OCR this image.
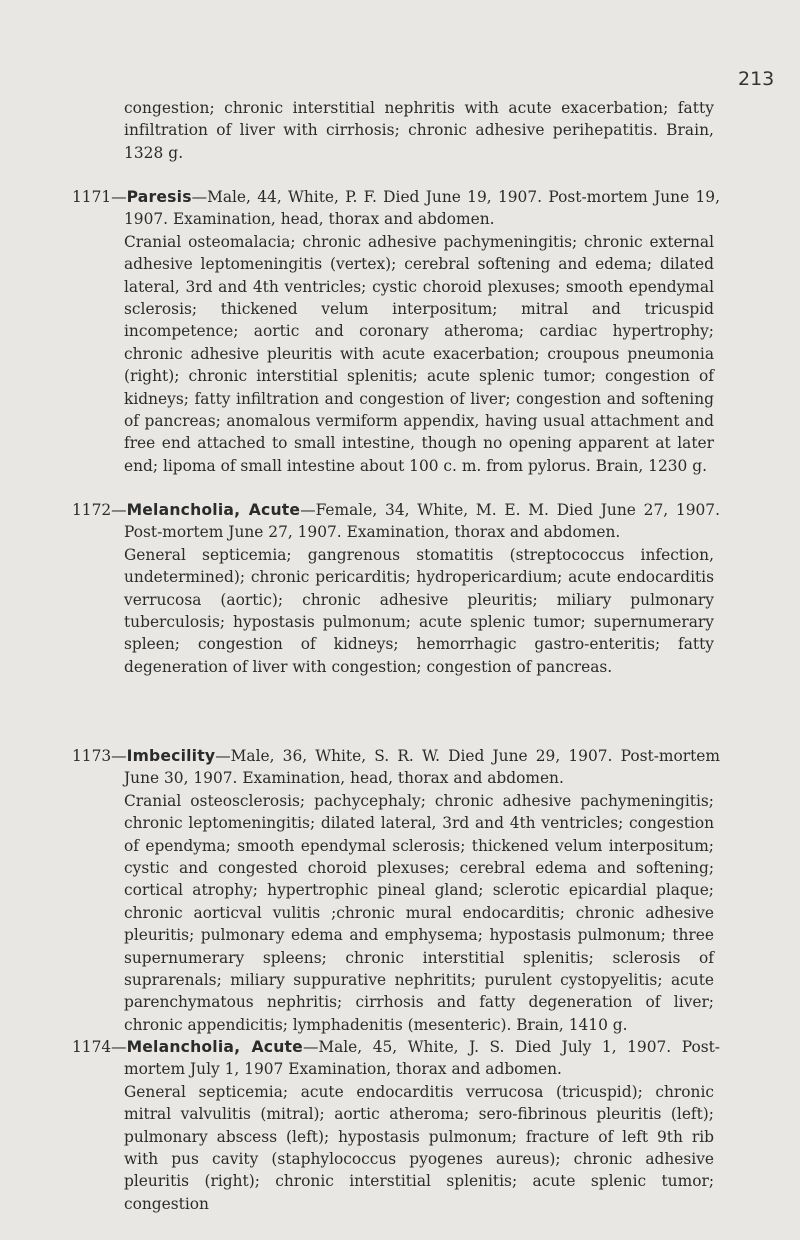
213

congestion; chronic interstitial nephritis with acute exacerbation; fatty infiltration of liver with cirrhosis; chronic adhesive perihepatitis. Brain, 1328 g.

1171—Paresis—Male, 44, White, P. F. Died June 19, 1907. Post-mortem June 19, 1907. Examination, head, thorax and abdomen.

Cranial osteomalacia; chronic adhesive pachymeningitis; chronic external adhesive leptomeningitis (vertex); cerebral softening and edema; dilated lateral, 3rd and 4th ventricles; cystic choroid plexuses; smooth ependymal sclerosis; thickened velum interpositum; mitral and tricuspid incompetence; aortic and coronary atheroma; cardiac hypertrophy; chronic adhesive pleuritis with acute exacerbation; croupous pneumonia (right); chronic interstitial splenitis; acute splenic tumor; congestion of kidneys; fatty infiltration and congestion of liver; congestion and softening of pancreas; anomalous vermiform appendix, having usual attachment and free end attached to small intestine, though no opening apparent at later end; lipoma of small intestine about 100 c. m. from pylorus. Brain, 1230 g.

1172—Melancholia, Acute—Female, 34, White, M. E. M. Died June 27, 1907. Post-mortem June 27, 1907. Examination, thorax and abdomen.

General septicemia; gangrenous stomatitis (streptococcus infection, undetermined); chronic pericarditis; hydropericardium; acute endocarditis verrucosa (aortic); chronic adhesive pleuritis; miliary pulmonary tuberculosis; hypostasis pulmonum; acute splenic tumor; supernumerary spleen; congestion of kidneys; hemorrhagic gastro-enteritis; fatty degeneration of liver with congestion; congestion of pancreas.

1173—Imbecility—Male, 36, White, S. R. W. Died June 29, 1907. Post-mortem June 30, 1907. Examination, head, thorax and abdomen.

Cranial osteosclerosis; pachycephaly; chronic adhesive pachymeningitis; chronic leptomeningitis; dilated lateral, 3rd and 4th ventricles; congestion of ependyma; smooth ependymal sclerosis; thickened velum interpositum; cystic and congested choroid plexuses; cerebral edema and softening; cortical atrophy; hypertrophic pineal gland; sclerotic epicardial plaque; chronic aorticval vulitis ;chronic mural endocarditis; chronic adhesive pleuritis; pulmonary edema and emphysema; hypostasis pulmonum; three supernumerary spleens; chronic interstitial splenitis; sclerosis of suprarenals; miliary suppurative nephritits; purulent cystopyelitis; acute parenchymatous nephritis; cirrhosis and fatty degeneration of liver; chronic appendicitis; lymphadenitis (mesenteric). Brain, 1410 g.

1174—Melancholia, Acute—Male, 45, White, J. S. Died July 1, 1907. Post-mortem July 1, 1907 Examination, thorax and adbomen.

General septicemia; acute endocarditis verrucosa (tricuspid); chronic mitral valvulitis (mitral); aortic atheroma; sero-fibrinous pleuritis (left); pulmonary abscess (left); hypostasis pulmonum; fracture of left 9th rib with pus cavity (staphylococcus pyogenes aureus); chronic adhesive pleuritis (right); chronic interstitial splenitis; acute splenic tumor; congestion
